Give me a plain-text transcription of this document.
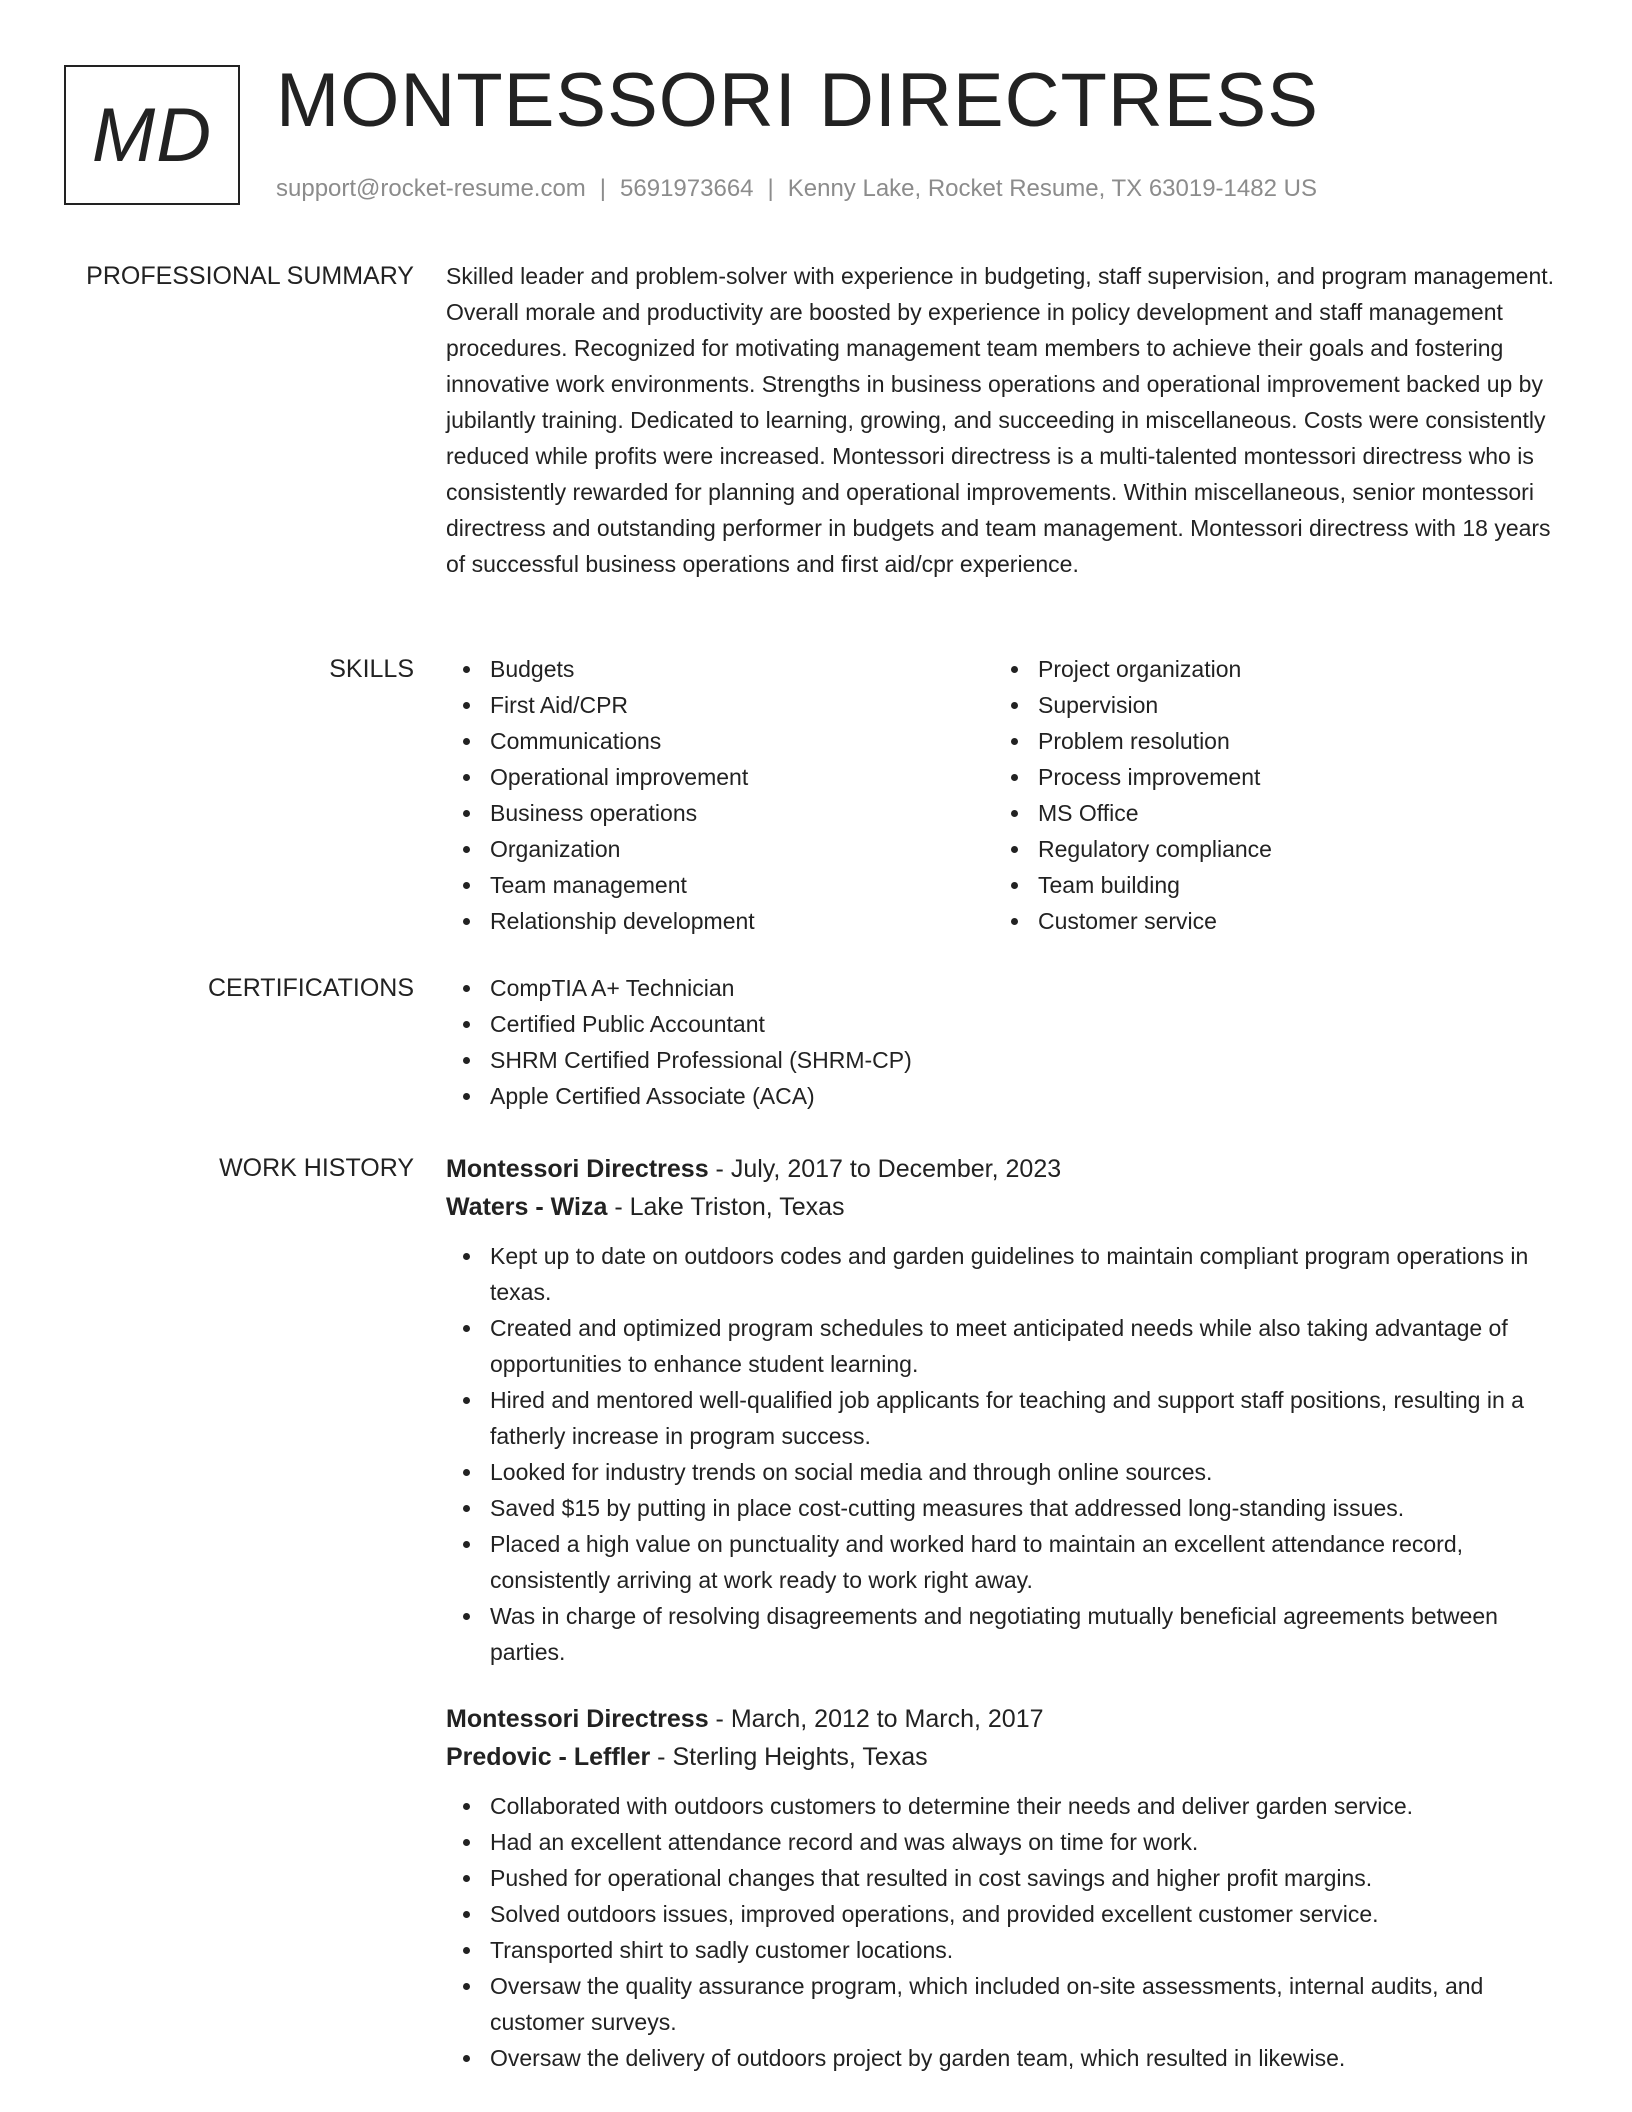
MD MONTESSORI DIRECTRESS
support@rocket-resume.com | 5691973664 | Kenny Lake, Rocket Resume, TX 63019-1482 US
PROFESSIONAL SUMMARY Skilled leader and problem-solver with experience in budgeting, staff supervision, and program management. Overall morale and productivity are boosted by experience in policy development and staff management procedures. Recognized for motivating management team members to achieve their goals and fostering innovative work environments. Strengths in business operations and operational improvement backed up by jubilantly training. Dedicated to learning, growing, and succeeding in miscellaneous. Costs were consistently reduced while profits were increased. Montessori directress is a multi-talented montessori directress who is consistently rewarded for planning and operational improvements. Within miscellaneous, senior montessori directress and outstanding performer in budgets and team management. Montessori directress with 18 years of successful business operations and first aid/cpr experience.

SKILLS	Budgets
First Aid/CPR
Communications
Operational improvement
Business operations
Organization
Team management
Relationship development
Project organization
Supervision
Problem resolution
Process improvement
MS Office
Regulatory compliance
Team building
Customer service
CERTIFICATIONS	CompTIA A+ Technician
Certified Public Accountant
SHRM Certified Professional (SHRM-CP)
Apple Certified Associate (ACA)
WORK HISTORY Montessori Directress - July, 2017 to December, 2023
Waters - Wiza - Lake Triston, Texas
Kept up to date on outdoors codes and garden guidelines to maintain compliant program operations in texas.
Created and optimized program schedules to meet anticipated needs while also taking advantage of opportunities to enhance student learning.
Hired and mentored well-qualified job applicants for teaching and support staff positions, resulting in a fatherly increase in program success.
Looked for industry trends on social media and through online sources.
Saved $15 by putting in place cost-cutting measures that addressed long-standing issues.
Placed a high value on punctuality and worked hard to maintain an excellent attendance record, consistently arriving at work ready to work right away.
Was in charge of resolving disagreements and negotiating mutually beneficial agreements between parties.
Montessori Directress - March, 2012 to March, 2017
Predovic - Leffler - Sterling Heights, Texas
Collaborated with outdoors customers to determine their needs and deliver garden service.
Had an excellent attendance record and was always on time for work.
Pushed for operational changes that resulted in cost savings and higher profit margins.
Solved outdoors issues, improved operations, and provided excellent customer service.
Transported shirt to sadly customer locations.
Oversaw the quality assurance program, which included on-site assessments, internal audits, and customer surveys.
Oversaw the delivery of outdoors project by garden team, which resulted in likewise.
